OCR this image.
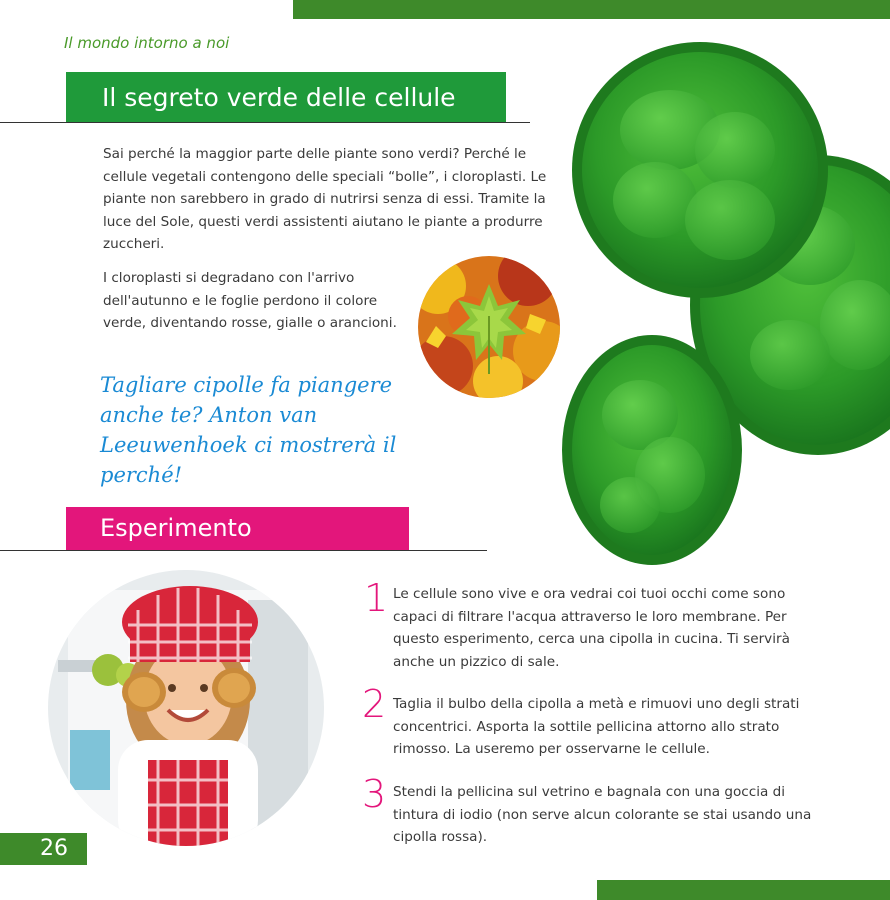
Il mondo intorno a noi
Il segreto verde delle cellule
Sai perché la maggior parte delle piante sono verdi? Perché le cellule vegetali contengono delle speciali “bolle”, i cloroplasti. Le piante non sarebbero in grado di nutrirsi senza di essi. Tramite la luce del Sole, questi verdi assistenti aiutano le piante a produrre zuccheri.
I cloroplasti si degradano con l'arrivo dell'autunno e le foglie perdono il colore verde, diventando rosse, gialle o arancioni.
Tagliare cipolle fa piangere anche te? Anton van Leeuwenhoek ci mostrerà il perché!
Esperimento
1 Le cellule sono vive e ora vedrai coi tuoi occhi come sono capaci di filtrare l'acqua attraverso le loro membrane. Per questo esperimento, cerca una cipolla in cucina. Ti servirà anche un pizzico di sale.
2 Taglia il bulbo della cipolla a metà e rimuovi uno degli strati concentrici. Asporta la sottile pellicina attorno allo strato rimosso. La useremo per osservarne le cellule.
3 Stendi la pellicina sul vetrino e bagnala con una goccia di tintura di iodio (non serve alcun colorante se stai usando una cipolla rossa).
26
